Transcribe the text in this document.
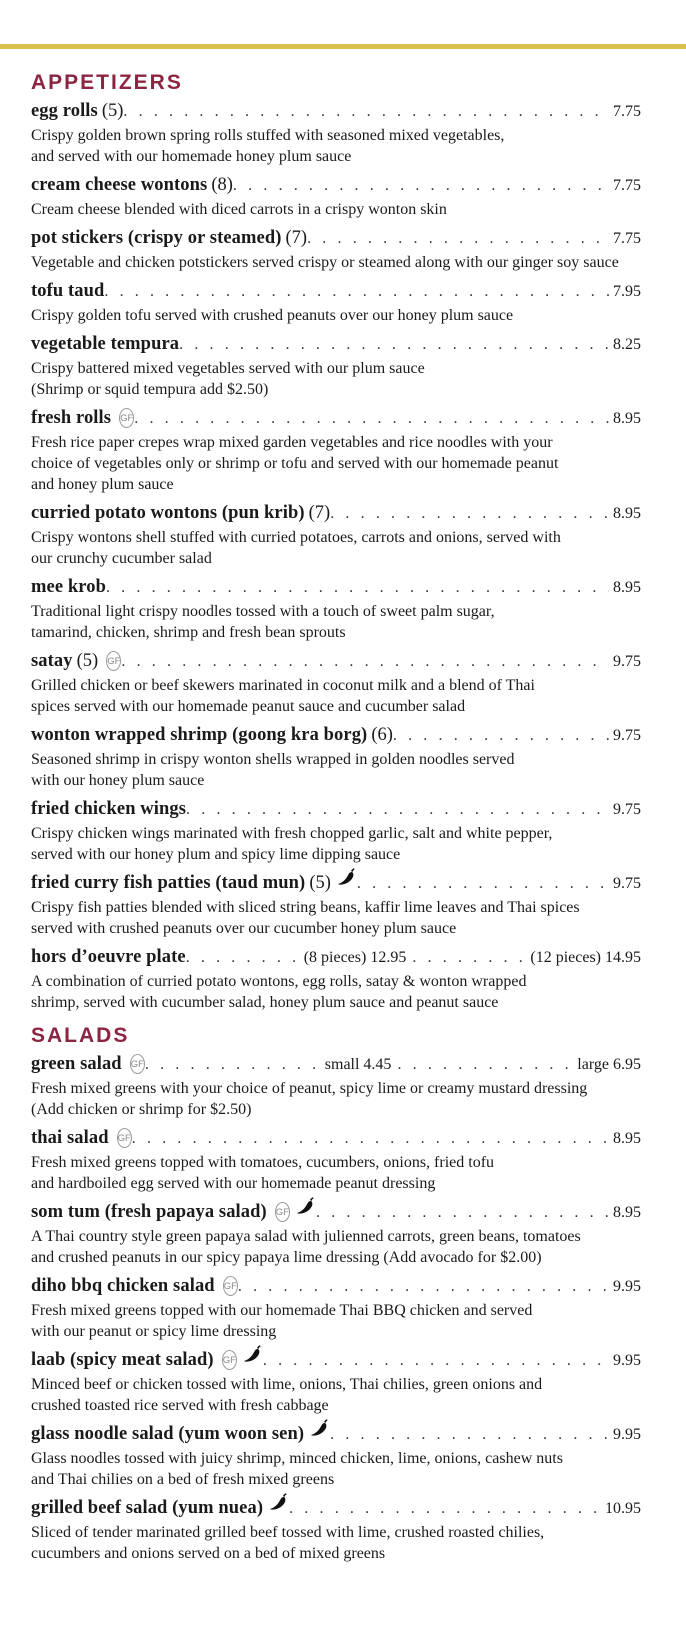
APPETIZERS
egg rolls (5) . . .	7.75
Crispy golden brown spring rolls stuffed with seasoned mixed vegetables,
and served with our homemade honey plum sauce
cream cheese wontons (8) . . .	7.75
Cream cheese blended with diced carrots in a crispy wonton skin
pot stickers (crispy or steamed) (7) . . .	7.75
Vegetable and chicken potstickers served crispy or steamed along with our ginger soy sauce
tofu taud . . .	7.95
Crispy golden tofu served with crushed peanuts over our honey plum sauce
vegetable tempura . . .	8.25
Crispy battered mixed vegetables served with our plum sauce
(Shrimp or squid tempura add $2.50)
fresh rolls GF . . .	8.95
Fresh rice paper crepes wrap mixed garden vegetables and rice noodles with your
choice of vegetables only or shrimp or tofu and served with our homemade peanut
and honey plum sauce
curried potato wontons (pun krib) (7) . . .	8.95
Crispy wontons shell stuffed with curried potatoes, carrots and onions, served with
our crunchy cucumber salad
mee krob . . .	8.95
Traditional light crispy noodles tossed with a touch of sweet palm sugar,
tamarind, chicken, shrimp and fresh bean sprouts
satay (5) GF . . .	9.75
Grilled chicken or beef skewers marinated in coconut milk and a blend of Thai
spices served with our homemade peanut sauce and cucumber salad
wonton wrapped shrimp (goong kra borg) (6) . . .	9.75
Seasoned shrimp in crispy wonton shells wrapped in golden noodles served
with our honey plum sauce
fried chicken wings . . .	9.75
Crispy chicken wings marinated with fresh chopped garlic, salt and white pepper,
served with our honey plum and spicy lime dipping sauce
fried curry fish patties (taud mun) (5) . . .	9.75
Crispy fish patties blended with sliced string beans, kaffir lime leaves and Thai spices
served with crushed peanuts over our cucumber honey plum sauce
hors d’oeuvre plate . . .	(8 pieces) 12.95 . . .	(12 pieces) 14.95
A combination of curried potato wontons, egg rolls, satay & wonton wrapped
shrimp, served with cucumber salad, honey plum sauce and peanut sauce
SALADS
green salad GF . . .	small 4.45 . . .	large 6.95
Fresh mixed greens with your choice of peanut, spicy lime or creamy mustard dressing
(Add chicken or shrimp for $2.50)
thai salad GF . . .	8.95
Fresh mixed greens topped with tomatoes, cucumbers, onions, fried tofu
and hardboiled egg served with our homemade peanut dressing
som tum (fresh papaya salad) GF . . .	8.95
A Thai country style green papaya salad with julienned carrots, green beans, tomatoes
and crushed peanuts in our spicy papaya lime dressing (Add avocado for $2.00)
diho bbq chicken salad GF . . .	9.95
Fresh mixed greens topped with our homemade Thai BBQ chicken and served
with our peanut or spicy lime dressing
laab (spicy meat salad) GF . . .	9.95
Minced beef or chicken tossed with lime, onions, Thai chilies, green onions and
crushed toasted rice served with fresh cabbage
glass noodle salad (yum woon sen) . . .	9.95
Glass noodles tossed with juicy shrimp, minced chicken, lime, onions, cashew nuts
and Thai chilies on a bed of fresh mixed greens
grilled beef salad (yum nuea) . . .	10.95
Sliced of tender marinated grilled beef tossed with lime, crushed roasted chilies,
cucumbers and onions served on a bed of mixed greens
